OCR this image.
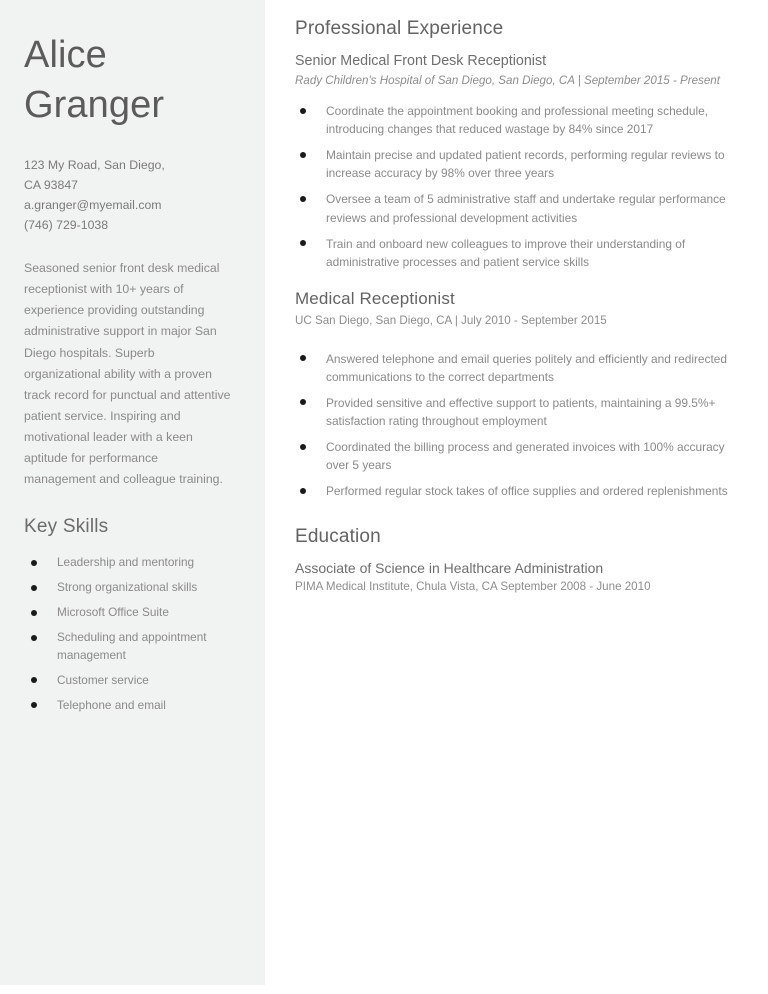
Alice
Granger
123 My Road, San Diego,
CA 93847
a.granger@myemail.com
(746) 729-1038

Seasoned senior front desk medical receptionist with 10+ years of experience providing outstanding administrative support in major San Diego hospitals. Superb organizational ability with a proven track record for punctual and attentive patient service. Inspiring and motivational leader with a keen aptitude for performance management and colleague training.

Key Skills
Leadership and mentoring
Strong organizational skills
Microsoft Office Suite
Scheduling and appointment management
Customer service
Telephone and email
Professional Experience
Senior Medical Front Desk Receptionist

Rady Children's Hospital of San Diego, San Diego, CA | September 2015 - Present

Coordinate the appointment booking and professional meeting schedule, introducing changes that reduced wastage by 84% since 2017
Maintain precise and updated patient records, performing regular reviews to increase accuracy by 98% over three years
Oversee a team of 5 administrative staff and undertake regular performance reviews and professional development activities
Train and onboard new colleagues to improve their understanding of administrative processes and patient service skills
Medical Receptionist

UC San Diego, San Diego, CA | July 2010 - September 2015

Answered telephone and email queries politely and efficiently and redirected communications to the correct departments
Provided sensitive and effective support to patients, maintaining a 99.5%+ satisfaction rating throughout employment
Coordinated the billing process and generated invoices with 100% accuracy over 5 years
Performed regular stock takes of office supplies and ordered replenishments
Education
Associate of Science in Healthcare Administration

PIMA Medical Institute, Chula Vista, CA September 2008 - June 2010
